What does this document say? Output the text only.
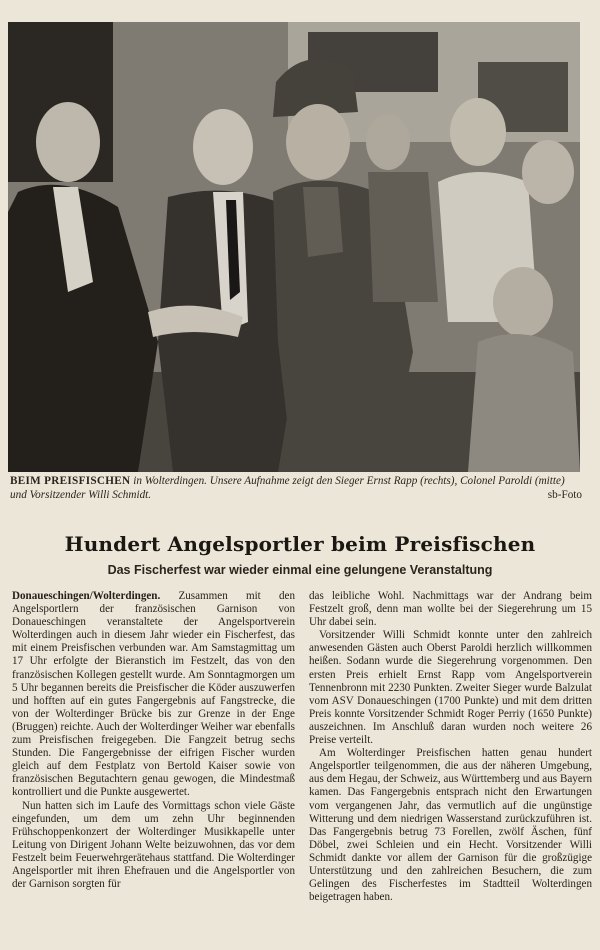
BEIM PREISFISCHEN in Wolterdingen. Unsere Aufnahme zeigt den Sieger Ernst Rapp (rechts), Colonel Paroldi (mitte) und Vorsitzender Willi Schmidt.	sb-Foto
Hundert Angelsportler beim Preisfischen
Das Fischerfest war wieder einmal eine gelungene Veranstaltung

Donaueschingen/Wolterdingen. Zusammen mit den Angelsportlern der französischen Garnison von Donaueschingen veranstaltete der Angelsportverein Wolterdingen auch in diesem Jahr wieder ein Fischerfest, das mit einem Preisfischen verbunden war. Am Samstagmittag um 17 Uhr erfolgte der Bieranstich im Festzelt, das von den französischen Kollegen gestellt wurde. Am Sonntagmorgen um 5 Uhr begannen bereits die Preisfischer die Köder auszuwerfen und hofften auf ein gutes Fangergebnis auf Fangstrecke, die von der Wolterdinger Brücke bis zur Grenze in der Enge (Bruggen) reichte. Auch der Wolterdinger Weiher war ebenfalls zum Preisfischen freigegeben. Die Fangzeit betrug sechs Stunden. Die Fangergebnisse der eifrigen Fischer wurden gleich auf dem Festplatz von Bertold Kaiser sowie von französischen Begutachtern genau gewogen, die Mindestmaß kontrolliert und die Punkte ausgewertet.

Nun hatten sich im Laufe des Vormittags schon viele Gäste eingefunden, um dem um zehn Uhr beginnenden Frühschoppenkonzert der Wolterdinger Musikkapelle unter Leitung von Dirigent Johann Welte beizuwohnen, das vor dem Festzelt beim Feuerwehrgerätehaus stattfand. Die Wolterdinger Angelsportler mit ihren Ehefrauen und die Angelsportler von der Garnison sorgten für

das leibliche Wohl. Nachmittags war der Andrang beim Festzelt groß, denn man wollte bei der Siegerehrung um 15 Uhr dabei sein.

Vorsitzender Willi Schmidt konnte unter den zahlreich anwesenden Gästen auch Oberst Paroldi herzlich willkommen heißen. Sodann wurde die Siegerehrung vorgenommen. Den ersten Preis erhielt Ernst Rapp vom Angelsportverein Tennenbronn mit 2230 Punkten. Zweiter Sieger wurde Balzulat vom ASV Donaueschingen (1700 Punkte) und mit dem dritten Preis konnte Vorsitzender Schmidt Roger Perriy (1650 Punkte) auszeichnen. Im Anschluß daran wurden noch weitere 26 Preise verteilt.

Am Wolterdinger Preisfischen hatten genau hundert Angelsportler teilgenommen, die aus der näheren Umgebung, aus dem Hegau, der Schweiz, aus Württemberg und aus Bayern kamen. Das Fangergebnis entsprach nicht den Erwartungen vom vergangenen Jahr, das vermutlich auf die ungünstige Witterung und dem niedrigen Wasserstand zurückzuführen ist. Das Fangergebnis betrug 73 Forellen, zwölf Äschen, fünf Döbel, zwei Schleien und ein Hecht. Vorsitzender Willi Schmidt dankte vor allem der Garnison für die großzügige Unterstützung und den zahlreichen Besuchern, die zum Gelingen des Fischerfestes im Stadtteil Wolterdingen beigetragen haben.
